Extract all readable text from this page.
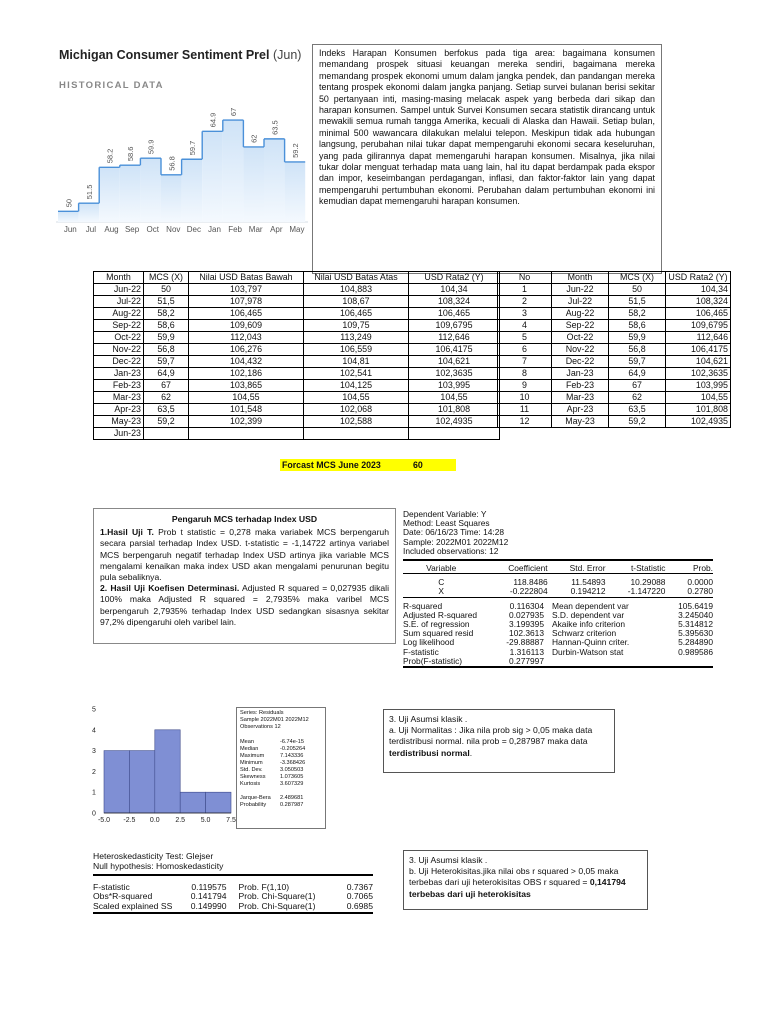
Michigan Consumer Sentiment Prel (Jun)
HISTORICAL DATA
50
Jun
51.5
Jul
58.2
Aug
58.6
Sep
59.9
Oct
56.8
Nov
59.7
Dec
64.9
Jan
67
Feb
62
Mar
63.5
Apr
59.2
May
Indeks Harapan Konsumen berfokus pada tiga area: bagaimana konsumen memandang prospek situasi keuangan mereka sendiri, bagaimana mereka memandang prospek ekonomi umum dalam jangka pendek, dan pandangan mereka tentang prospek ekonomi dalam jangka panjang. Setiap survei bulanan berisi sekitar 50 pertanyaan inti, masing-masing melacak aspek yang berbeda dari sikap dan harapan konsumen. Sampel untuk Survei Konsumen secara statistik dirancang untuk mewakili semua rumah tangga Amerika, kecuali di Alaska dan Hawaii. Setiap bulan, minimal 500 wawancara dilakukan melalui telepon. Meskipun tidak ada hubungan langsung, perubahan nilai tukar dapat mempengaruhi ekonomi secara keseluruhan, yang pada gilirannya dapat memengaruhi harapan konsumen. Misalnya, jika nilai tukar dolar menguat terhadap mata uang lain, hal itu dapat berdampak pada ekspor dan impor, keseimbangan perdagangan, inflasi, dan faktor-faktor lain yang dapat mempengaruhi pertumbuhan ekonomi. Perubahan dalam pertumbuhan ekonomi ini kemudian dapat memengaruhi harapan konsumen.
Month	MCS (X)	Nilai USD Batas Bawah	Nilai USD Batas Atas	USD Rata2 (Y)
Jun-22	50	103,797	104,883	104,34
Jul-22	51,5	107,978	108,67	108,324
Aug-22	58,2	106,465	106,465	106,465
Sep-22	58,6	109,609	109,75	109,6795
Oct-22	59,9	112,043	113,249	112,646
Nov-22	56,8	106,276	106,559	106,4175
Dec-22	59,7	104,432	104,81	104,621
Jan-23	64,9	102,186	102,541	102,3635
Feb-23	67	103,865	104,125	103,995
Mar-23	62	104,55	104,55	104,55
Apr-23	63,5	101,548	102,068	101,808
May-23	59,2	102,399	102,588	102,4935
Jun-23				
No	Month	MCS (X)	USD Rata2 (Y)
1	Jun-22	50	104,34
2	Jul-22	51,5	108,324
3	Aug-22	58,2	106,465
4	Sep-22	58,6	109,6795
5	Oct-22	59,9	112,646
6	Nov-22	56,8	106,4175
7	Dec-22	59,7	104,621
8	Jan-23	64,9	102,3635
9	Feb-23	67	103,995
10	Mar-23	62	104,55
11	Apr-23	63,5	101,808
12	May-23	59,2	102,4935
Forcast MCS June 2023	60
Pengaruh MCS terhadap Index USD
1.Hasil Uji T. Prob t statistic = 0,278 maka variabek MCS berpengaruh secara parsial terhadap Index USD. t-statistic = -1,14722 artinya variabel MCS berpengaruh negatif terhadap Index USD artinya jika variable MCS mengalami kenaikan maka index USD akan mengalami penurunan begitu pula sebaliknya.
2. Hasil Uji Koefisen Determinasi. Adjusted R squared = 0,027935 dikali 100% maka Adjusted R squared = 2,7935% maka varibel MCS berpengaruh 2,7935% terhadap Index USD sedangkan sisasnya sekitar 97,2% dipengaruhi oleh varibel lain.
Dependent Variable: Y
Method: Least Squares
Date: 06/16/23 Time: 14:28
Sample: 2022M01 2022M12
Included observations: 12

Variable	Coefficient	Std. Error	t-Statistic	Prob.

C	118.8486	11.54893	10.29088	0.0000
X	-0.222804	0.194212	-1.147220	0.2780

R-squared	0.116304	Mean dependent var	105.6419
Adjusted R-squared	0.027935	S.D. dependent var	3.245040
S.E. of regression	3.199395	Akaike info criterion	5.314812
Sum squared resid	102.3613	Schwarz criterion	5.395630
Log likelihood	-29.88887	Hannan-Quinn criter.	5.284890
F-statistic	1.316113	Durbin-Watson stat	0.989586
Prob(F-statistic)	0.277997		

0
1
2
3
4
5
-5.0 -2.5 0.0 2.5 5.0 7.5
Series: Residuals
Sample 2022M01 2022M12
Observations 12
Mean	-6.74e-15
Median	-0.205264
Maximum	7.143336
Minimum	-3.368426
Std. Dev.	3.050503
Skewness	1.073605
Kurtosis	3.607329
Jarque-Bera	2.489681
Probability	0.287987
3. Uji Asumsi klasik .
a. Uji Normalitas : Jika nila prob sig > 0,05 maka data terdistribusi normal. nila prob = 0,287987 maka data terdistribusi normal.
Heteroskedasticity Test: Glejser
Null hypothesis: Homoskedasticity

F-statistic	0.119575	Prob. F(1,10)	0.7367
Obs*R-squared	0.141794	Prob. Chi-Square(1)	0.7065
Scaled explained SS	0.149990	Prob. Chi-Square(1)	0.6985

3. Uji Asumsi klasik .
b. Uji Heterokisitas.jika nilai obs r squared > 0,05 maka terbebas dari uji heterokisitas OBS r squared = 0,141794 terbebas dari uji heterokisitas
